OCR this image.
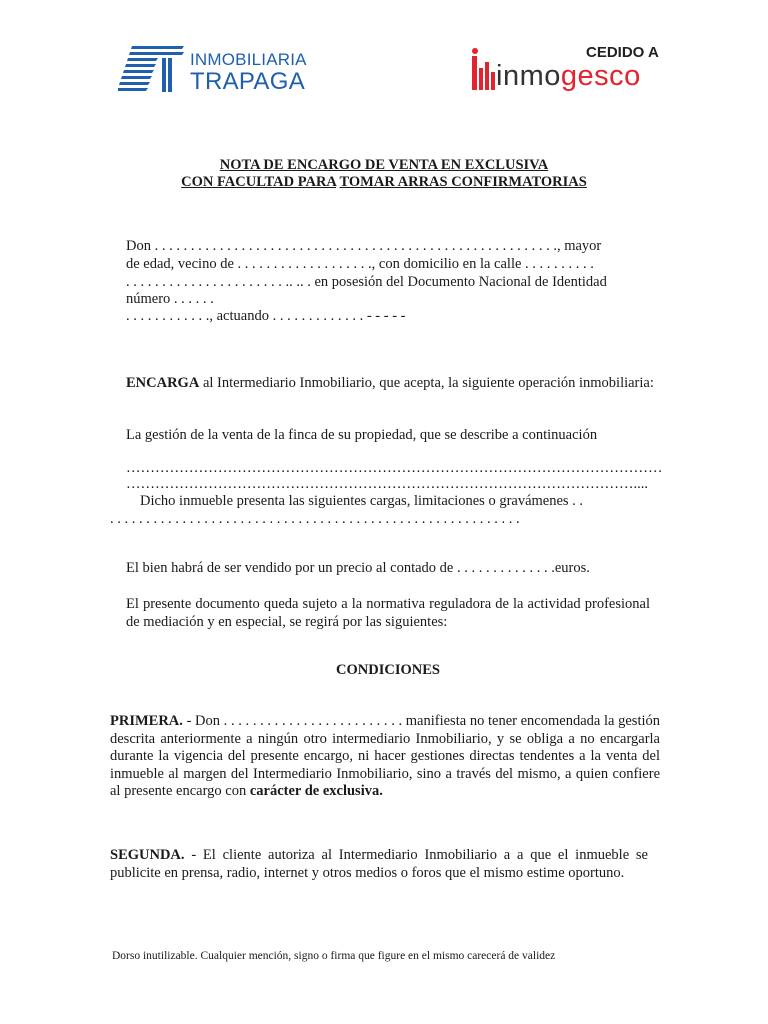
INMOBILIARIA
TRAPAGA
CEDIDO A
inmogesco
NOTA DE ENCARGO DE VENTA EN EXCLUSIVA
CON FACULTAD PARA TOMAR ARRAS CONFIRMATORIAS
Don . . . . . . . . . . . . . . . . . . . . . . . . . . . . . . . . . . . . . . . . . . . . . . . . . . . . . . . ., mayor
de edad, vecino de . . . . . . . . . . . . . . . . . . ., con domicilio en la calle . . . . . . . . . .
. . . . . . . . . . . . . . . . . . . . . . .. .. . en posesión del Documento Nacional de Identidad
número . . . . . .
. . . . . . . . . . . ., actuando . . . . . . . . . . . . . - - - - -
ENCARGA al Intermediario Inmobiliario, que acepta, la siguiente operación inmobiliaria:
La gestión de la venta de la finca de su propiedad, que se describe a continuación
…………………………………………………………………………………………………
……………………………………………………………………………………………....
Dicho inmueble presenta las siguientes cargas, limitaciones o gravámenes . .
. . . . . . . . . . . . . . . . . . . . . . . . . . . . . . . . . . . . . . . . . . . . . . . . . . . . . . . . .
El bien habrá de ser vendido por un precio al contado de . . . . . . . . . . . . . .euros.
El presente documento queda sujeto a la normativa reguladora de la actividad profesional de mediación y en especial, se regirá por las siguientes:
CONDICIONES
PRIMERA. - Don . . . . . . . . . . . . . . . . . . . . . . . . . manifiesta no tener encomendada la gestión descrita anteriormente a ningún otro intermediario Inmobiliario, y se obliga a no encargarla durante la vigencia del presente encargo, ni hacer gestiones directas tendentes a la venta del inmueble al margen del Intermediario Inmobiliario, sino a través del mismo, a quien confiere al presente encargo con carácter de exclusiva.
SEGUNDA. - El cliente autoriza al Intermediario Inmobiliario a a que el inmueble se publicite en prensa, radio, internet y otros medios o foros que el mismo estime oportuno.
Dorso inutilizable. Cualquier mención, signo o firma que figure en el mismo carecerá de validez
